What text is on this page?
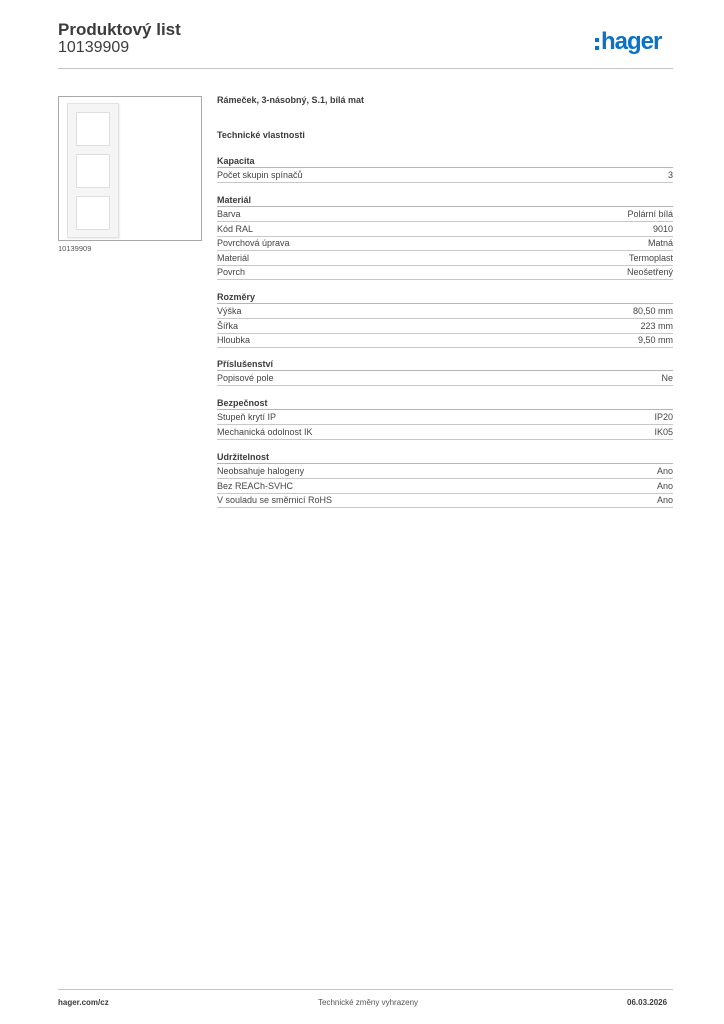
Produktový list
10139909	hager
10139909
Rámeček, 3-násobný, S.1, bílá mat
Technické vlastnosti
Kapacita
Počet skupin spínačů	3
Materiál
Barva	Polární bílá
Kód RAL	9010
Povrchová úprava	Matná
Materiál	Termoplast
Povrch	Neošetřený
Rozměry
Výška	80,50 mm
Šířka	223 mm
Hloubka	9,50 mm
Příslušenství
Popisové pole	Ne
Bezpečnost
Stupeň krytí IP	IP20
Mechanická odolnost IK	IK05
Udržitelnost
Neobsahuje halogeny	Ano
Bez REACh-SVHC	Ano
V souladu se směrnicí RoHS	Ano
hager.com/cz	Technické změny vyhrazeny	06.03.2026
